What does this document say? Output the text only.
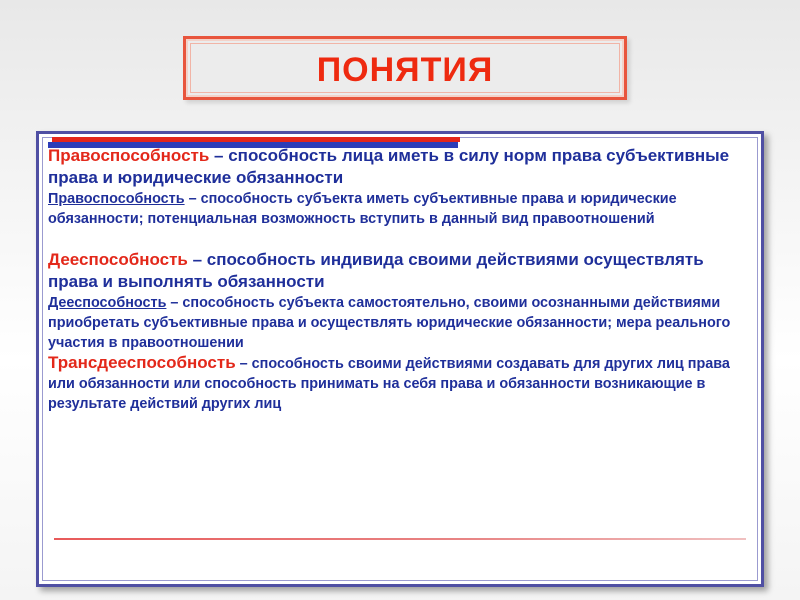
ПОНЯТИЯ

Правоспособность – способность лица иметь в силу норм права субъективные права и юридические обязанности

Правоспособность – способность субъекта иметь субъективные права и юридические обязанности; потенциальная возможность вступить в данный вид правоотношений

Дееспособность – способность индивида своими действиями осуществлять права и выполнять обязанности

Дееспособность – способность субъекта самостоятельно, своими осознанными действиями приобретать субъективные права и осуществлять юридические обязанности; мера реального участия в правоотношении

Трансдееспособность – способность своими действиями создавать для других лиц права или обязанности или способность принимать на себя права и обязанности возникающие в результате действий других лиц
